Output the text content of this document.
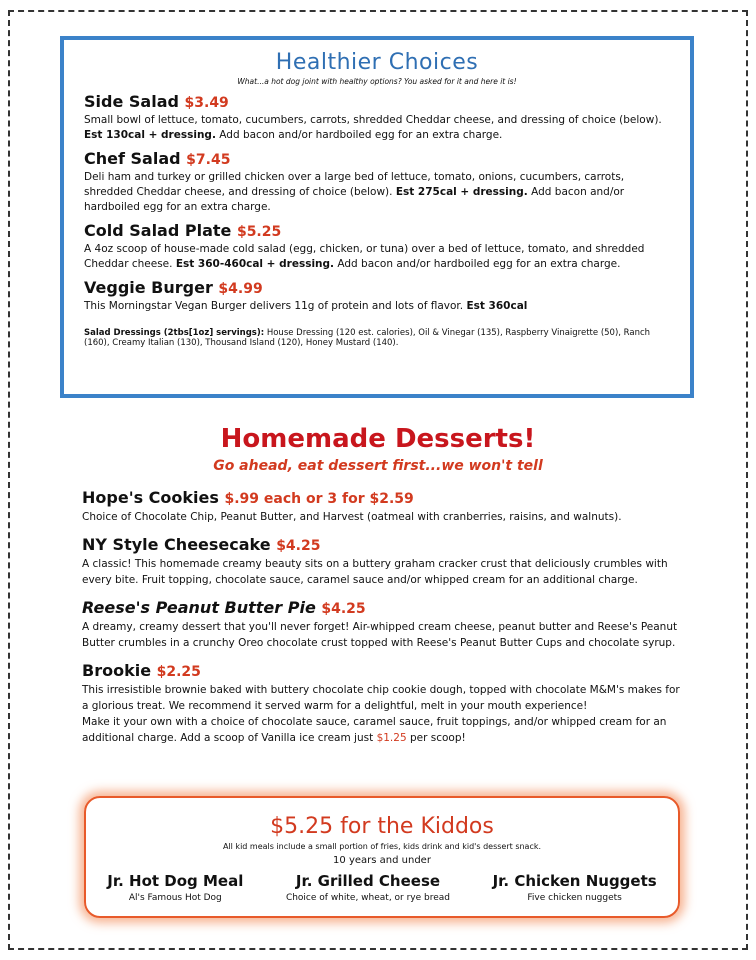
Healthier Choices

What...a hot dog joint with healthy options? You asked for it and here it is!

Side Salad $3.49

Small bowl of lettuce, tomato, cucumbers, carrots, shredded Cheddar cheese, and dressing of choice (below). Est 130cal + dressing. Add bacon and/or hardboiled egg for an extra charge.

Chef Salad $7.45

Deli ham and turkey or grilled chicken over a large bed of lettuce, tomato, onions, cucumbers, carrots, shredded Cheddar cheese, and dressing of choice (below). Est 275cal + dressing. Add bacon and/or hardboiled egg for an extra charge.

Cold Salad Plate $5.25

A 4oz scoop of house-made cold salad (egg, chicken, or tuna) over a bed of lettuce, tomato, and shredded Cheddar cheese. Est 360-460cal + dressing. Add bacon and/or hardboiled egg for an extra charge.

Veggie Burger $4.99

This Morningstar Vegan Burger delivers 11g of protein and lots of flavor. Est 360cal

Salad Dressings (2tbs[1oz] servings): House Dressing (120 est. calories), Oil & Vinegar (135), Raspberry Vinaigrette (50), Ranch (160), Creamy Italian (130), Thousand Island (120), Honey Mustard (140).

Homemade Desserts!
Go ahead, eat dessert first...we won't tell
Hope's Cookies $.99 each or 3 for $2.59

Choice of Chocolate Chip, Peanut Butter, and Harvest (oatmeal with cranberries, raisins, and walnuts).

NY Style Cheesecake $4.25

A classic! This homemade creamy beauty sits on a buttery graham cracker crust that deliciously crumbles with every bite. Fruit topping, chocolate sauce, caramel sauce and/or whipped cream for an additional charge.

Reese's Peanut Butter Pie $4.25

A dreamy, creamy dessert that you'll never forget! Air-whipped cream cheese, peanut butter and Reese's Peanut Butter crumbles in a crunchy Oreo chocolate crust topped with Reese's Peanut Butter Cups and chocolate syrup.

Brookie $2.25

This irresistible brownie baked with buttery chocolate chip cookie dough, topped with chocolate M&M's makes for a glorious treat. We recommend it served warm for a delightful, melt in your mouth experience!

Make it your own with a choice of chocolate sauce, caramel sauce, fruit toppings, and/or whipped cream for an additional charge. Add a scoop of Vanilla ice cream just $1.25 per scoop!

$5.25 for the Kiddos
All kid meals include a small portion of fries, kids drink and kid's dessert snack.
10 years and under
Jr. Hot Dog Meal
Al's Famous Hot Dog
Jr. Grilled Cheese
Choice of white, wheat, or rye bread
Jr. Chicken Nuggets
Five chicken nuggets
